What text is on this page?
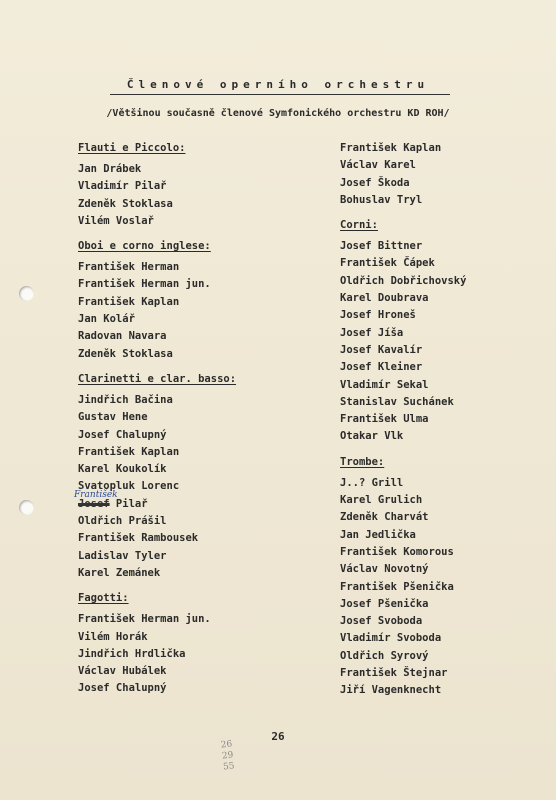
Členové operního orchestru
/Většinou současně členové Symfonického orchestru KD ROH/
Flauti e Piccolo:
Jan Drábek
Vladimír Pilař
Zdeněk Stoklasa
Vilém Voslař
Oboi e corno inglese:
František Herman
František Herman jun.
František Kaplan
Jan Kolář
Radovan Navara
Zdeněk Stoklasa
Clarinetti e clar. basso:
Jindřich Bačina
Gustav Hene
Josef Chalupný
František Kaplan
Karel Koukolík
Svatopluk Lorenc
Josef
František
Pilař
Oldřich Prášil
František Rambousek
Ladislav Tyler
Karel Zemánek
Fagotti:
František Herman jun.
Vilém Horák
Jindřich Hrdlička
Václav Hubálek
Josef Chalupný
František Kaplan
Václav Karel
Josef Škoda
Bohuslav Tryl
Corni:
Josef Bittner
František Čápek
Oldřich Dobřichovský
Karel Doubrava
Josef Hroneš
Josef Jíša
Josef Kavalír
Josef Kleiner
Vladimír Sekal
Stanislav Suchánek
František Ulma
Otakar Vlk
Trombe:
J..? Grill
Karel Grulich
Zdeněk Charvát
Jan Jedlička
František Komorous
Václav Novotný
František Pšenička
Josef Pšenička
Josef Svoboda
Vladimír Svoboda
Oldřich Syrový
František Štejnar
Jiří Vagenknecht
26
26
29
55
